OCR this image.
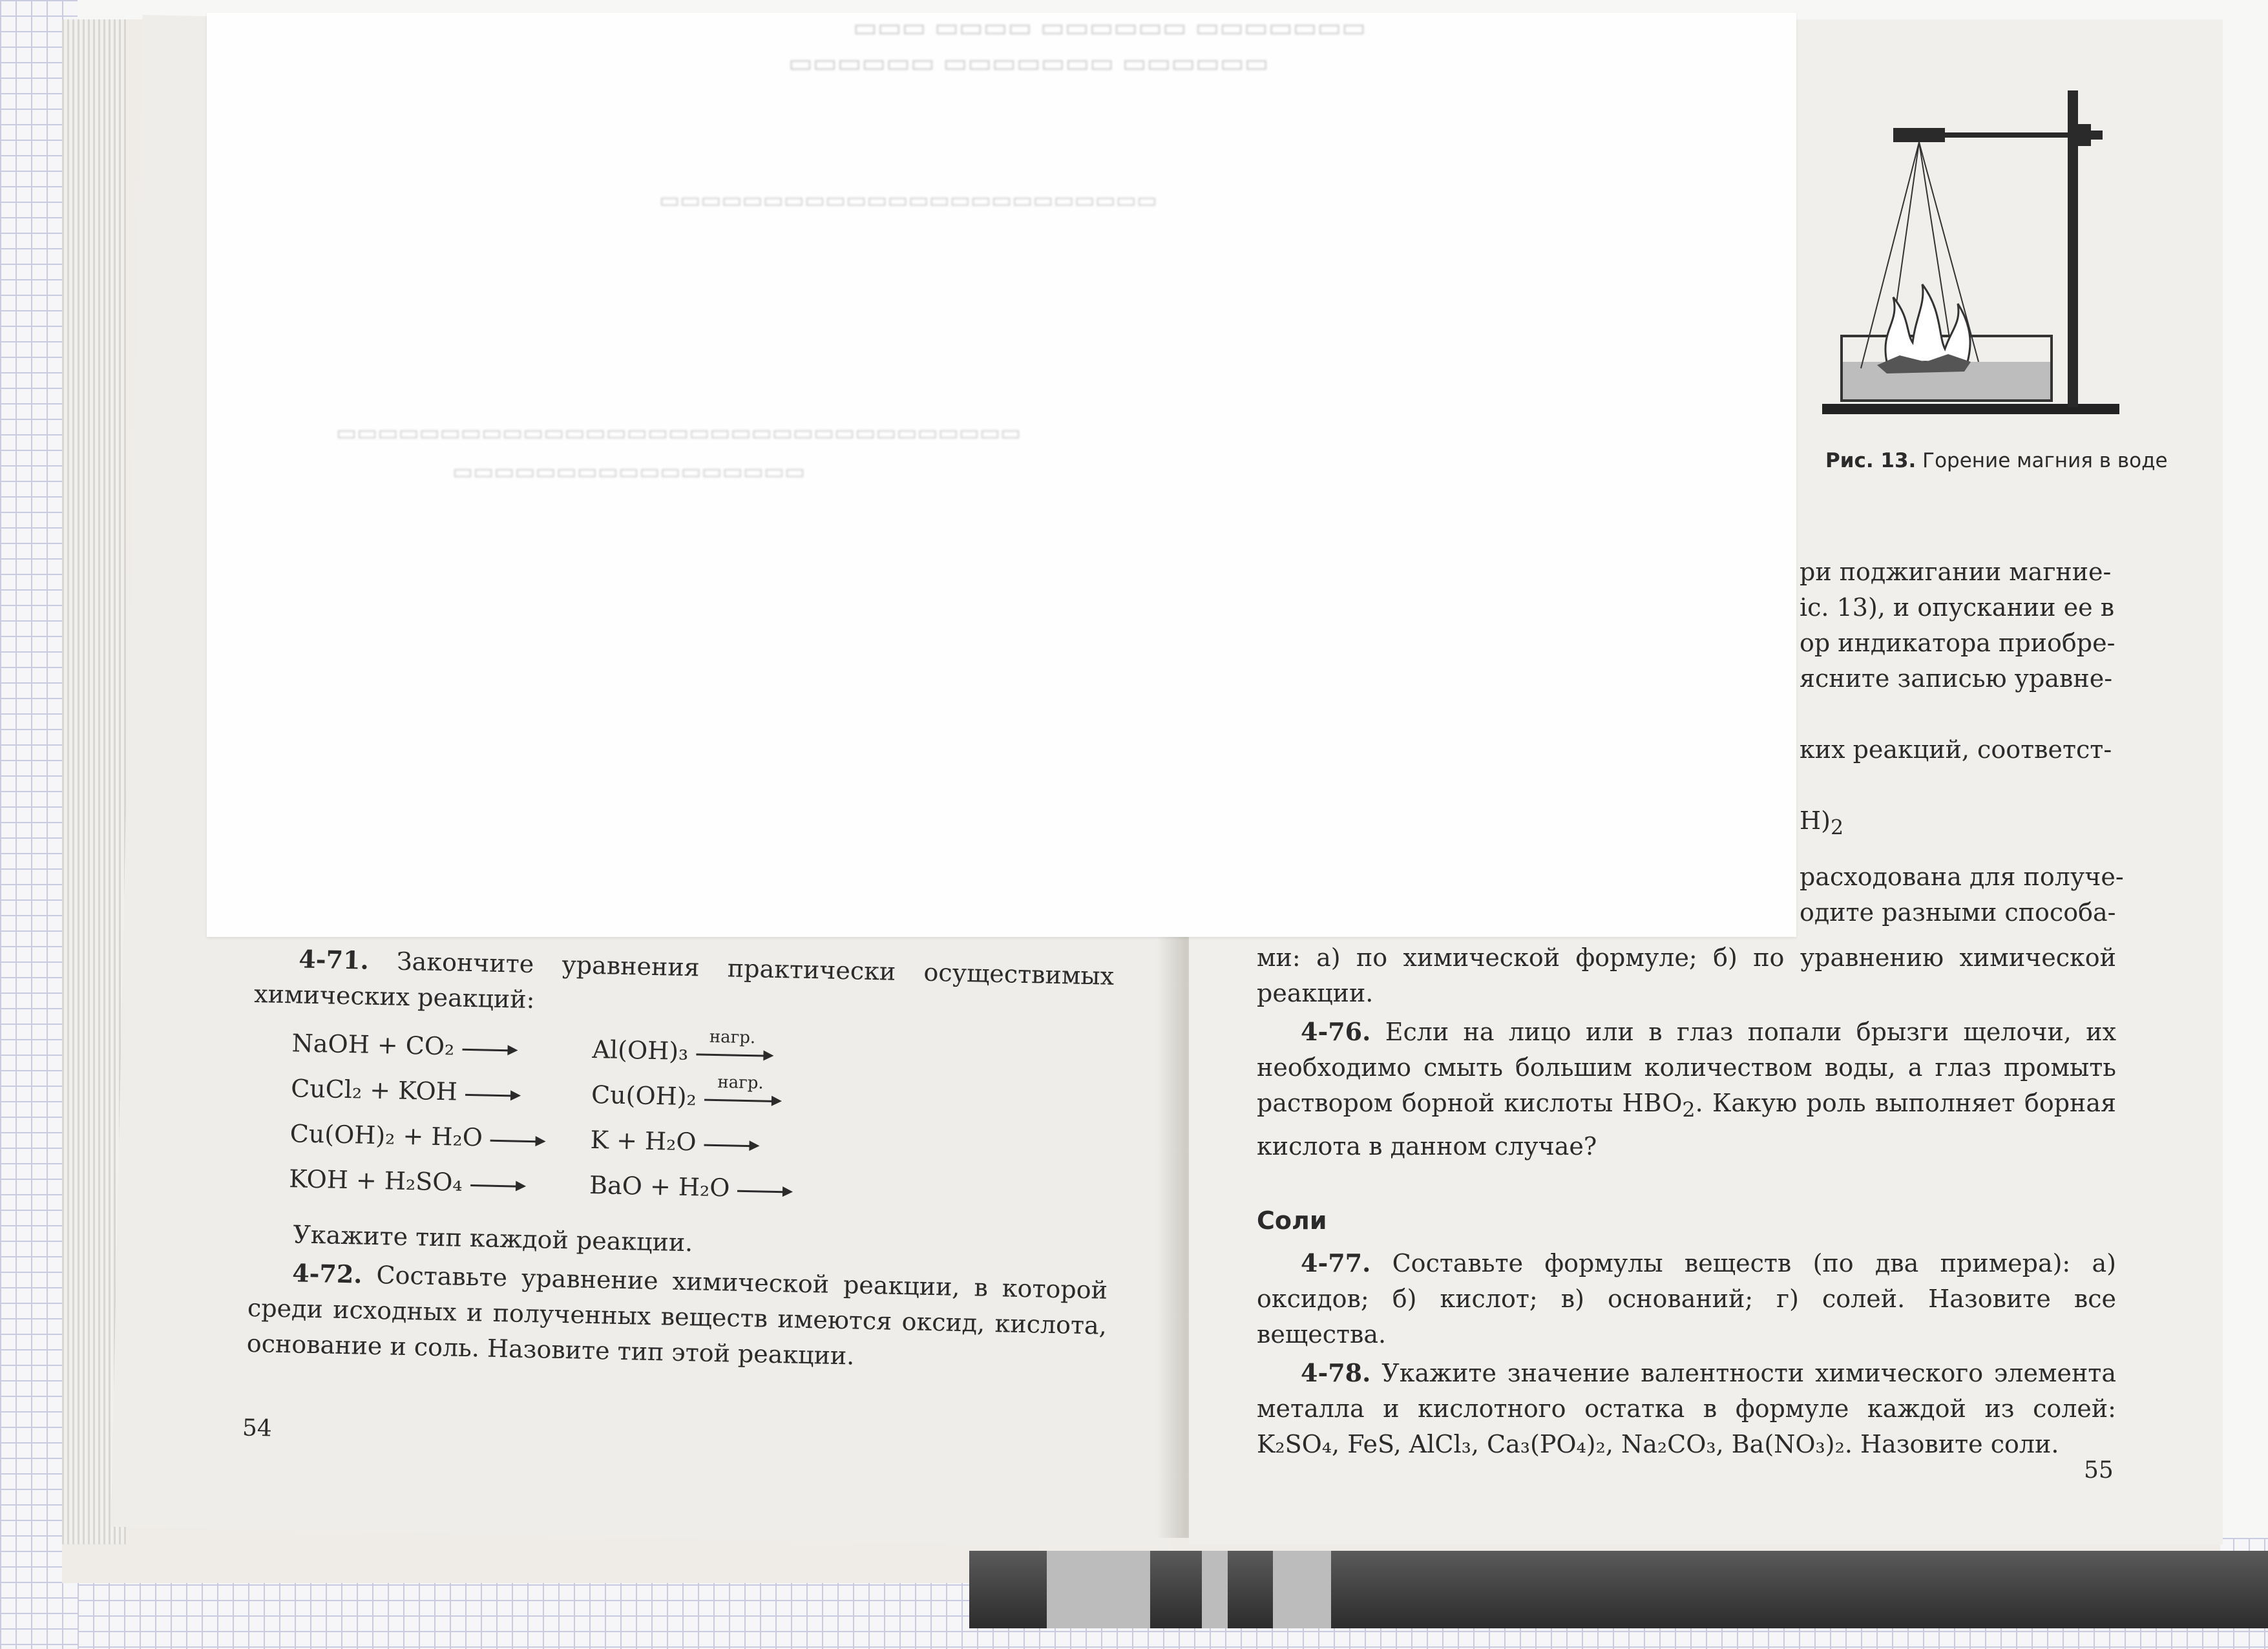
Рис. 13. Горение магния в воде
▭▭▭ ▭▭▭▭ ▭▭▭▭▭▭ ▭▭▭▭▭▭▭
▭▭▭▭▭▭ ▭▭▭▭▭▭▭ ▭▭▭▭▭▭
▭▭▭▭▭▭▭▭▭▭▭▭▭▭▭▭▭▭▭▭▭▭▭▭
▭▭▭▭▭▭▭▭▭▭▭▭▭▭▭▭▭▭▭▭▭▭▭▭▭▭▭▭▭▭▭▭▭
▭▭▭▭▭▭▭▭▭▭▭▭▭▭▭▭▭

ри поджигании магние-

іс. 13), и опускании ее в

ор индикатора приобре-

ясните записью уравне-

ких реакций, соответст-

$H)_2$

расходована для получе-

одите разными способа-

ми: а) по химической формуле; б) по уравнению химической реакции.

4-76. Если на лицо или в глаз попали брызги щелочи, их необходимо смыть большим количеством воды, а глаз промыть раствором борной кислоты $HBO_2$. Какую роль выполняет борная кислота в данном случае?

Соли

4-77. Составьте формулы веществ (по два примера): а) оксидов; б) кислот; в) оснований; г) солей. Назовите все вещества.

4-78. Укажите значение валентности химического элемента металла и кислотного остатка в формуле каждой из солей: K₂SO₄, FeS, AlCl₃, Ca₃(PO₄)₂, Na₂CO₃, Ba(NO₃)₂. Назовите соли.

55

4-71. Закончите уравнения практически осуществимых химических реакций:

NaOH + CO₂	Al(OH)₃ нагр.
CuCl₂ + KOH	Cu(OH)₂ нагр.
Cu(OH)₂ + H₂O	K + H₂O
KOH + H₂SO₄	BaO + H₂O

Укажите тип каждой реакции.

4-72. Составьте уравнение химической реакции, в которой среди исходных и полученных веществ имеются оксид, кислота, основание и соль. Назовите тип этой реакции.

54
